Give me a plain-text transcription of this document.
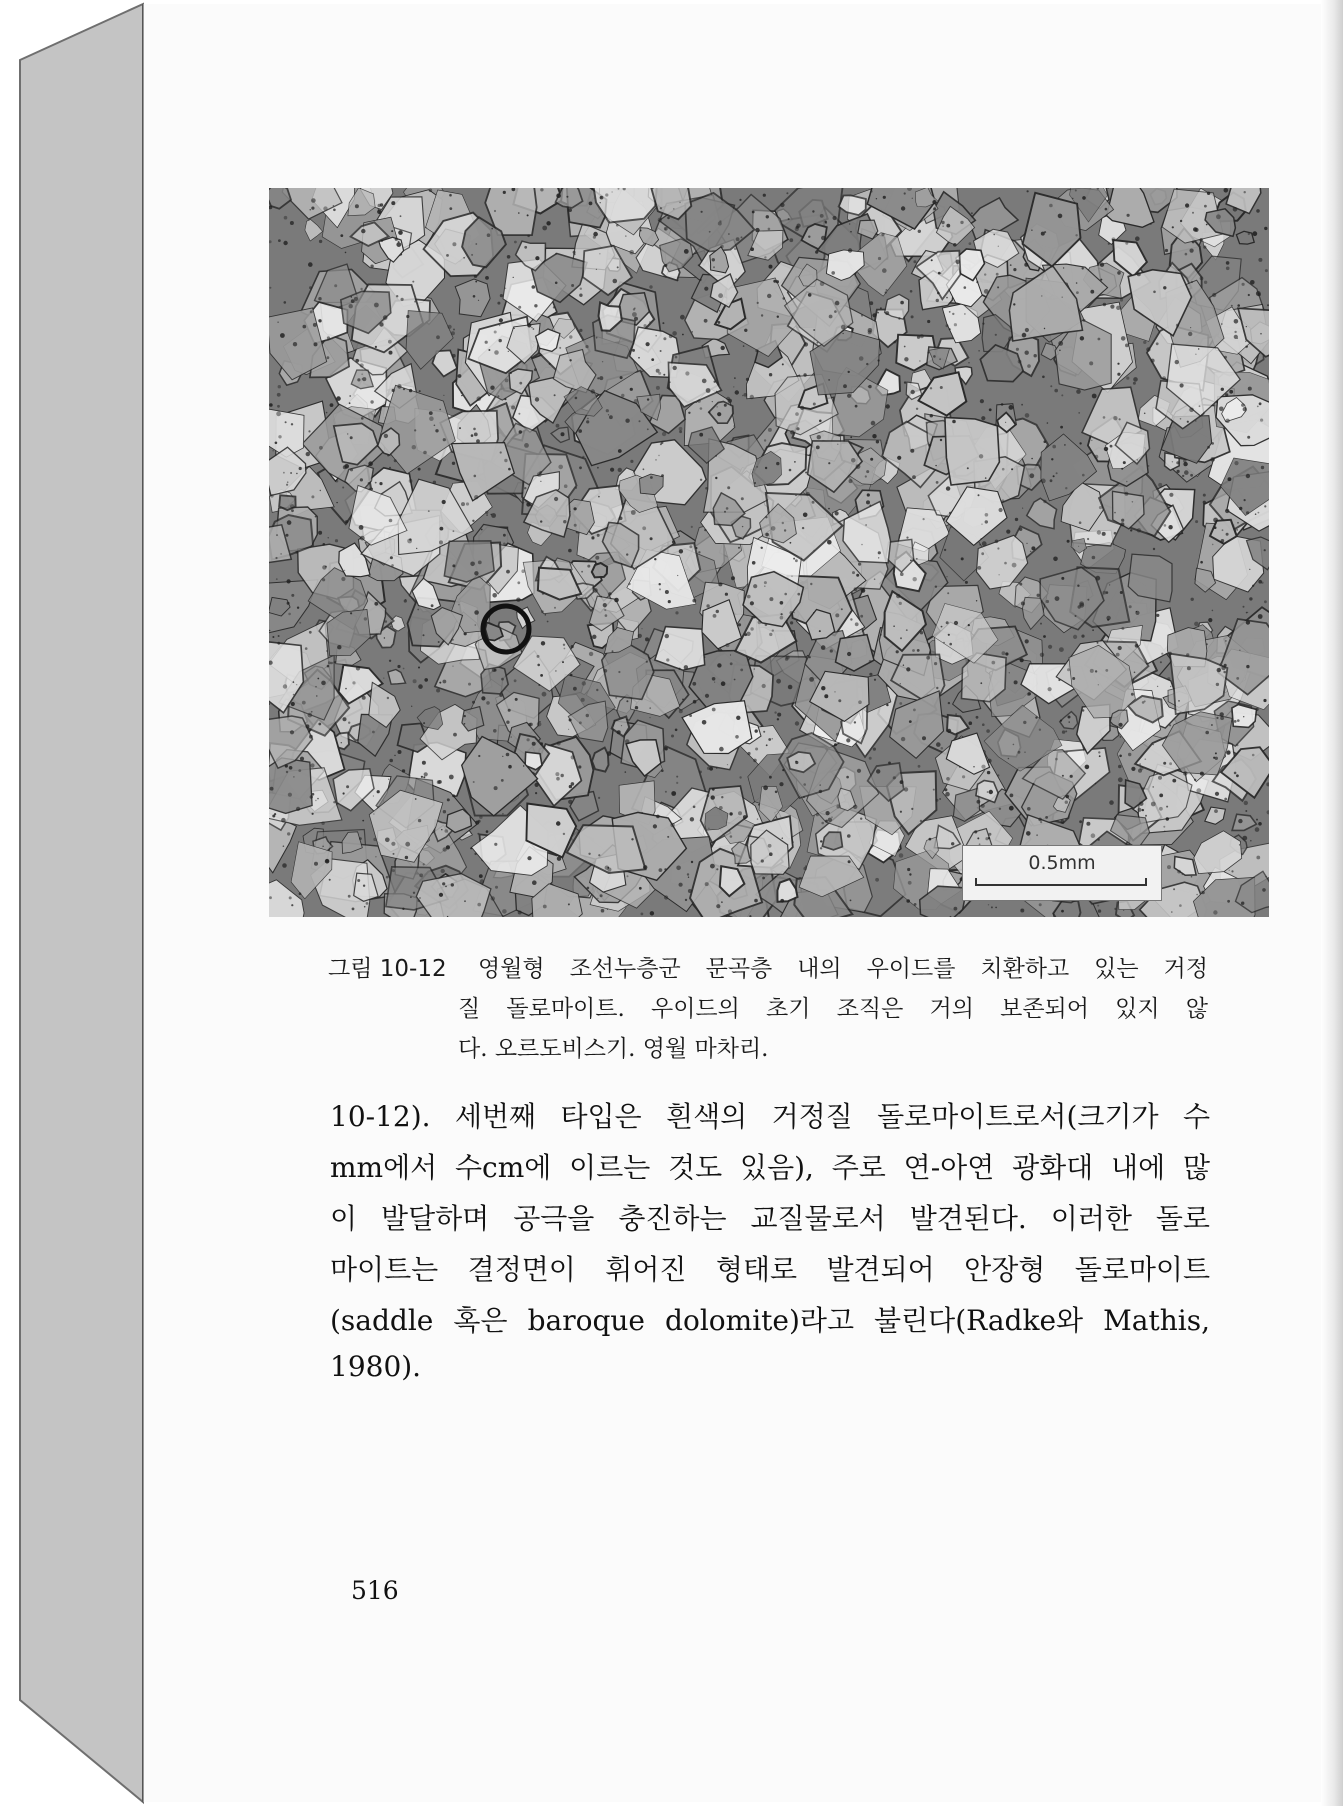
0.5mm
그림 10-12 영월형 조선누층군 문곡층 내의 우이드를 치환하고 있는 거정
질 돌로마이트. 우이드의 초기 조직은 거의 보존되어 있지 않
다. 오르도비스기. 영월 마차리.
10-12). 세번째 타입은 흰색의 거정질 돌로마이트로서(크기가 수
mm에서 수cm에 이르는 것도 있음), 주로 연-아연 광화대 내에 많
이 발달하며 공극을 충진하는 교질물로서 발견된다. 이러한 돌로
마이트는 결정면이 휘어진 형태로 발견되어 안장형 돌로마이트
(saddle 혹은 baroque dolomite)라고 불린다(Radke와 Mathis,
1980).
516
